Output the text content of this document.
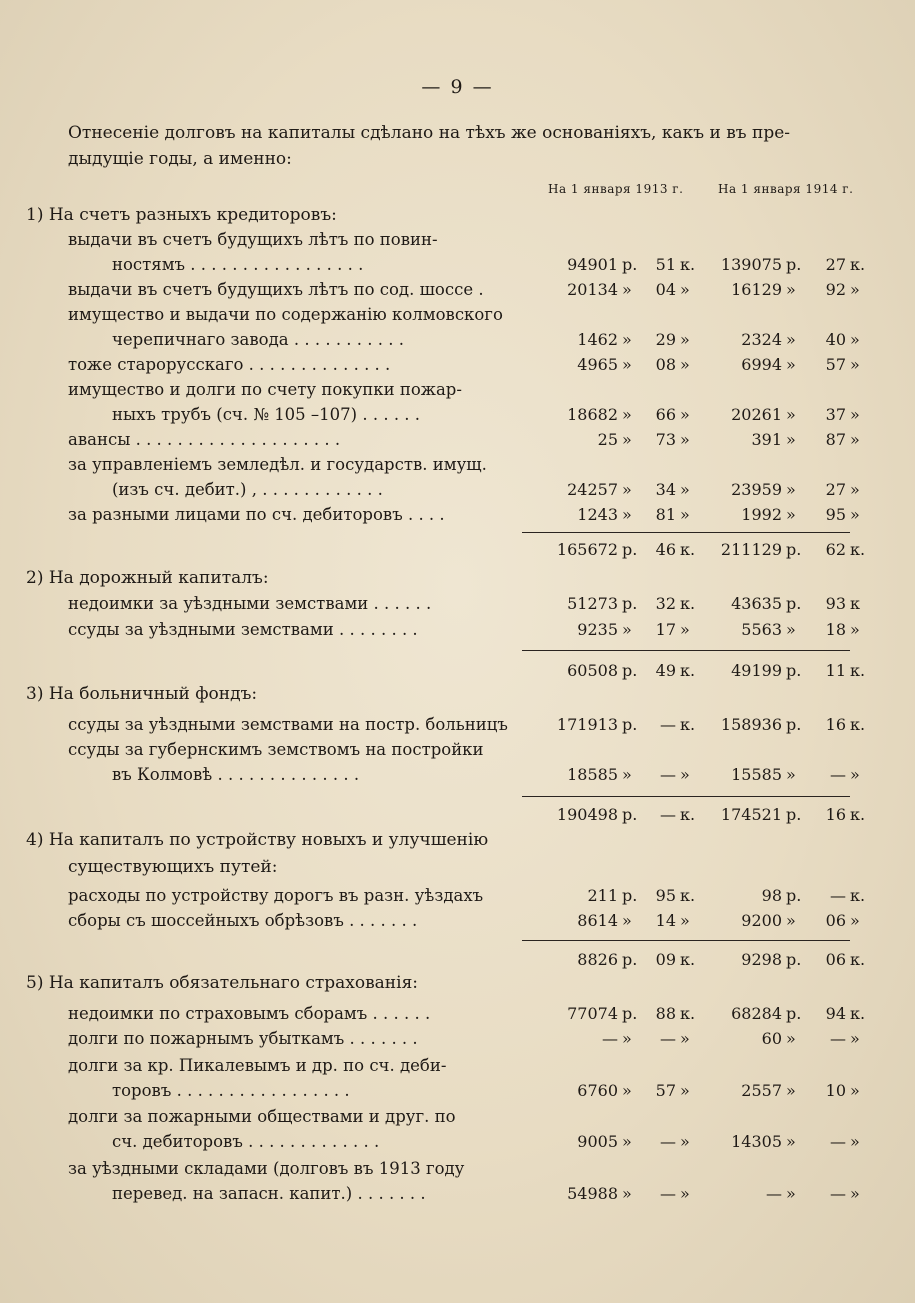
— 9 —
Отнесеніе долговъ на капиталы сдѣлано на тѣхъ же основаніяхъ, какъ и въ пре-
дыдущіе годы, а именно:
На 1 января 1913 г.	На 1 января 1914 г.
1) На счетъ разныхъ кредиторовъ:
выдачи въ счетъ будущихъ лѣтъ по повин-
ностямъ . . . . . . . . . . . . . . . . .	94901 р.	51 к.	139075 р.	27 к.
выдачи въ счетъ будущихъ лѣтъ по сод. шоссе .	20134 »	04 »	16129 »	92 »
имущество и выдачи по содержанію колмовского
черепичнаго завода . . . . . . . . . . .	1462 »	29 »	2324 »	40 »
тоже старорусскаго . . . . . . . . . . . . . .	4965 »	08 »	6994 »	57 »
имущество и долги по счету покупки пожар-
ныхъ трубъ (сч. № 105 –107) . . . . . .	18682 »	66 »	20261 »	37 »
авансы . . . . . . . . . . . . . . . . . . . .	25 »	73 »	391 »	87 »
за управленіемъ земледѣл. и государств. имущ.
(изъ сч. дебит.) , . . . . . . . . . . . .	24257 »	34 »	23959 »	27 »
за разными лицами по сч. дебиторовъ . . . .	1243 »	81 »	1992 »	95 »
165672 р.	46 к.	211129 р.	62 к.
2) На дорожный капиталъ:
недоимки за уѣздными земствами . . . . . .	51273 р.	32 к.	43635 р.	93 к
ссуды за уѣздными земствами . . . . . . . .	9235 »	17 »	5563 »	18 »
60508 р.	49 к.	49199 р.	11 к.
3) На больничный фондъ:
ссуды за уѣздными земствами на постр. больницъ	171913 р.	— к.	158936 р.	16 к.
ссуды за губернскимъ земствомъ на постройки
въ Колмовѣ . . . . . . . . . . . . . .	18585 »	— »	15585 »	— »
190498 р.	— к.	174521 р.	16 к.
4) На капиталъ по устройству новыхъ и улучшенію
существующихъ путей:
расходы по устройству дорогъ въ разн. уѣздахъ	211 р.	95 к.	98 р.	— к.
сборы съ шоссейныхъ обрѣзовъ . . . . . . .	8614 »	14 »	9200 »	06 »
8826 р.	09 к.	9298 р.	06 к.
5) На капиталъ обязательнаго страхованія:
недоимки по страховымъ сборамъ . . . . . .	77074 р.	88 к.	68284 р.	94 к.
долги по пожарнымъ убыткамъ . . . . . . .	— »	— »	60 »	— »
долги за кр. Пикалевымъ и др. по сч. деби-
торовъ . . . . . . . . . . . . . . . . .	6760 »	57 »	2557 »	10 »
долги за пожарными обществами и друг. по
сч. дебиторовъ . . . . . . . . . . . . .	9005 »	— »	14305 »	— »
за уѣздными складами (долговъ въ 1913 году
перевед. на запасн. капит.) . . . . . . .	54988 »	— »	— »	— »
